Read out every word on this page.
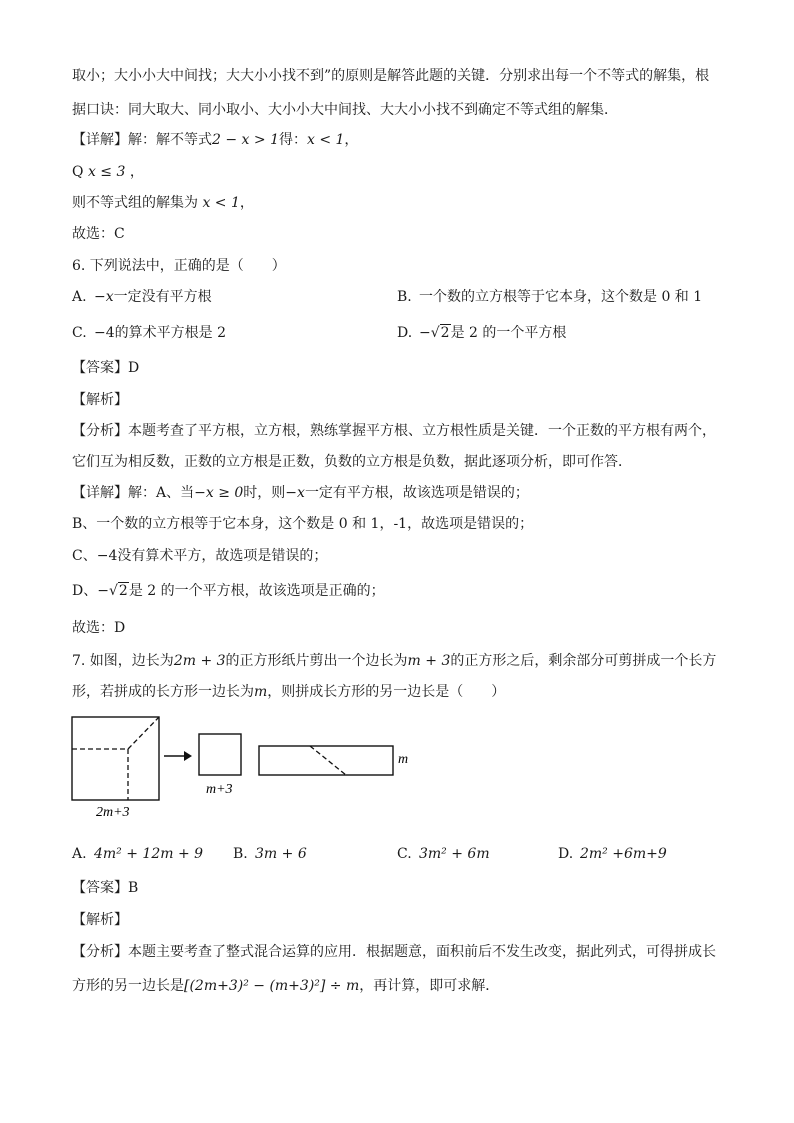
取小；大小小大中间找；大大小小找不到”的原则是解答此题的关键．分别求出每一个不等式的解集，根
据口诀：同大取大、同小取小、大小小大中间找、大大小小找不到确定不等式组的解集．
【详解】解：解不等式2 − x > 1得：x < 1，
Q x ≤ 3 ，
则不等式组的解集为 x < 1，
故选：C
6. 下列说法中，正确的是（　　）
A. −x一定没有平方根	B. 一个数的立方根等于它本身，这个数是 0 和 1
C. −4的算术平方根是 2	D. −√2是 2 的一个平方根
【答案】D
【解析】
【分析】本题考查了平方根，立方根，熟练掌握平方根、立方根性质是关键．一个正数的平方根有两个，
它们互为相反数，正数的立方根是正数，负数的立方根是负数，据此逐项分析，即可作答．
【详解】解：A、当−x ≥ 0时，则−x一定有平方根，故该选项是错误的；
B、一个数的立方根等于它本身，这个数是 0 和 1，-1，故选项是错误的；
C、−4没有算术平方，故选项是错误的；
D、−√2是 2 的一个平方根，故该选项是正确的；
故选：D
7. 如图，边长为2m + 3的正方形纸片剪出一个边长为m + 3的正方形之后，剩余部分可剪拼成一个长方
形，若拼成的长方形一边长为m，则拼成长方形的另一边长是（　　）
2m+3
m+3
m
A. 4m² + 12m + 9 B. 3m + 6	C. 3m² + 6m	D. 2m² +6m+9
【答案】B
【解析】
【分析】本题主要考查了整式混合运算的应用．根据题意，面积前后不发生改变，据此列式，可得拼成长
方形的另一边长是[(2m+3)² − (m+3)²] ÷ m，再计算，即可求解．
